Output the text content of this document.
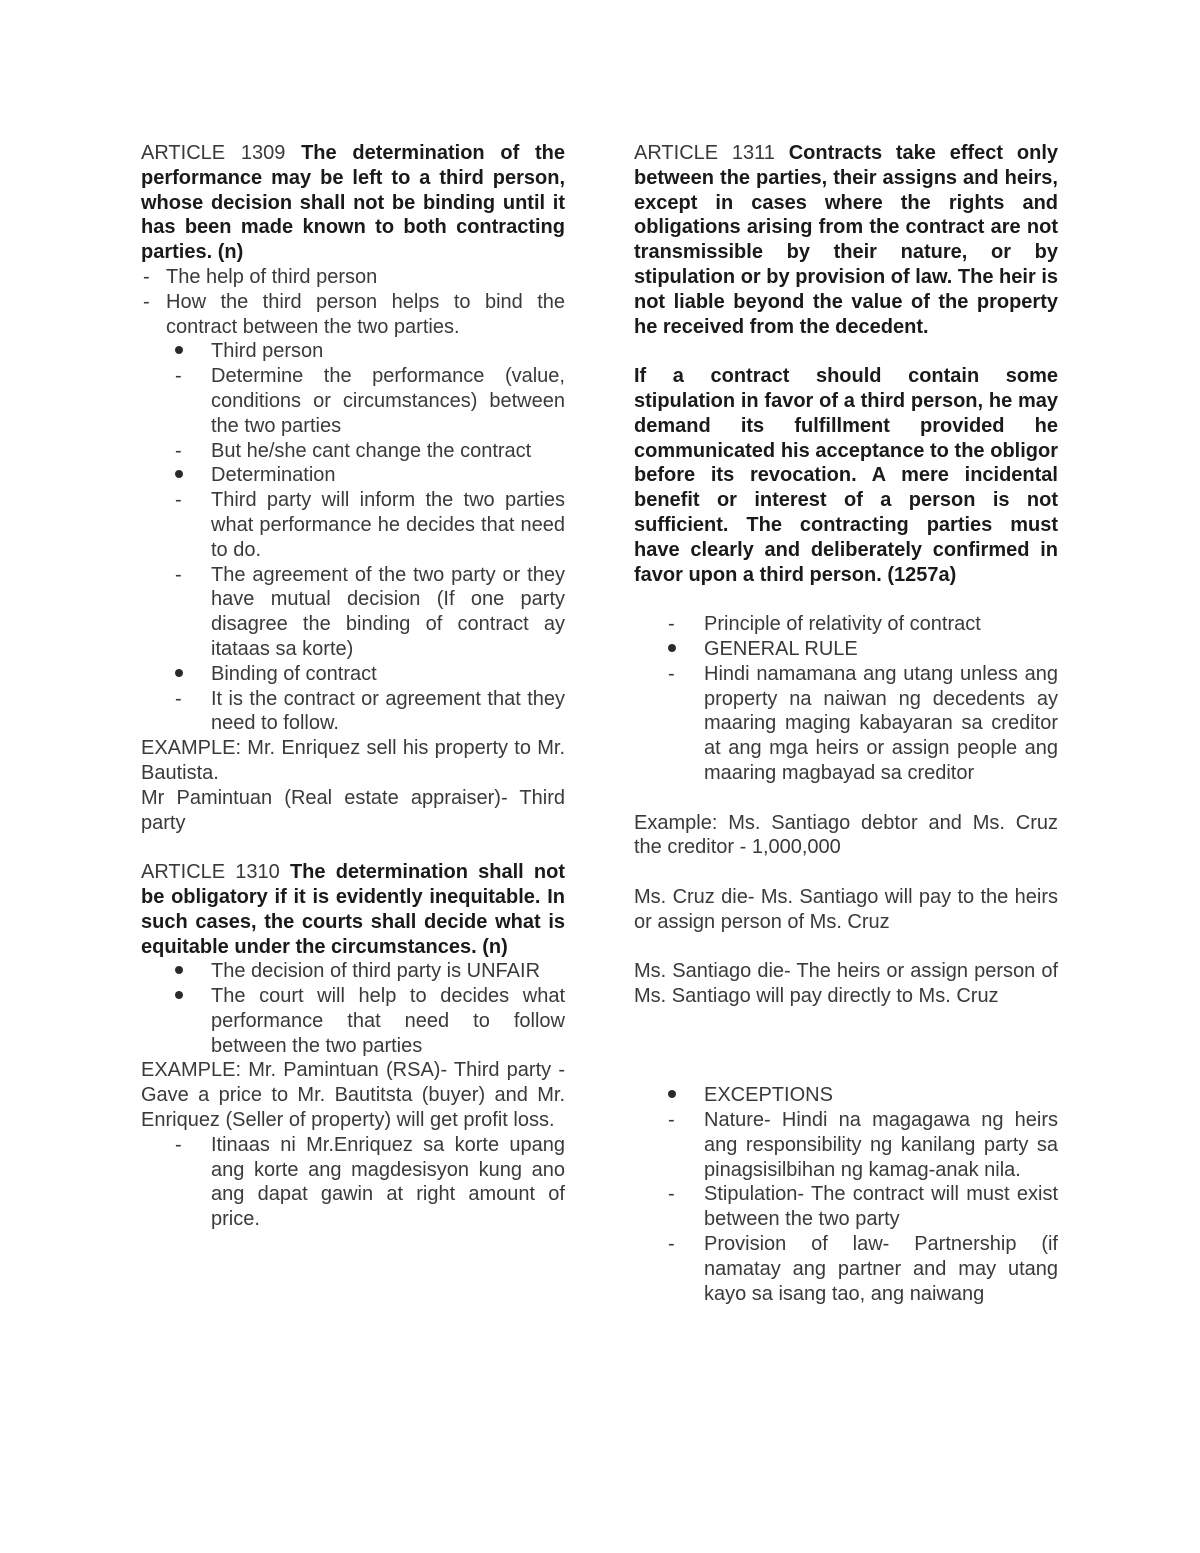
ARTICLE 1309 The determination of the performance may be left to a third person, whose decision shall not be binding until it has been made known to both contracting parties. (n)

- The help of third person

- How the third person helps to bind the contract between the two parties.

Third person

- Determine the performance (value, conditions or circumstances) between the two parties

- But he/she cant change the contract

Determination

- Third party will inform the two parties what performance he decides that need to do.

- The agreement of the two party or they have mutual decision (If one party disagree the binding of contract ay itataas sa korte)

Binding of contract

- It is the contract or agreement that they need to follow.

EXAMPLE: Mr. Enriquez sell his property to Mr. Bautista.

Mr Pamintuan (Real estate appraiser)- Third party

ARTICLE 1310 The determination shall not be obligatory if it is evidently inequitable. In such cases, the courts shall decide what is equitable under the circumstances. (n)

The decision of third party is UNFAIR

The court will help to decides what performance that need to follow between the two parties

EXAMPLE: Mr. Pamintuan (RSA)- Third party - Gave a price to Mr. Bautitsta (buyer) and Mr. Enriquez (Seller of property) will get profit loss.

- Itinaas ni Mr.Enriquez sa korte upang ang korte ang magdesisyon kung ano ang dapat gawin at right amount of price.

ARTICLE 1311 Contracts take effect only between the parties, their assigns and heirs, except in cases where the rights and obligations arising from the contract are not transmissible by their nature, or by stipulation or by provision of law. The heir is not liable beyond the value of the property he received from the decedent.

If a contract should contain some stipulation in favor of a third person, he may demand its fulfillment provided he communicated his acceptance to the obligor before its revocation. A mere incidental benefit or interest of a person is not sufficient. The contracting parties must have clearly and deliberately confirmed in favor upon a third person. (1257a)

- Principle of relativity of contract

GENERAL RULE

- Hindi namamana ang utang unless ang property na naiwan ng decedents ay maaring maging kabayaran sa creditor at ang mga heirs or assign people ang maaring magbayad sa creditor

Example: Ms. Santiago debtor and Ms. Cruz the creditor - 1,000,000

Ms. Cruz die- Ms. Santiago will pay to the heirs or assign person of Ms. Cruz

Ms. Santiago die- The heirs or assign person of Ms. Santiago will pay directly to Ms. Cruz

EXCEPTIONS

- Nature- Hindi na magagawa ng heirs ang responsibility ng kanilang party sa pinagsisilbihan ng kamag-anak nila.

- Stipulation- The contract will must exist between the two party

- Provision of law- Partnership (if namatay ang partner and may utang kayo sa isang tao, ang naiwang
